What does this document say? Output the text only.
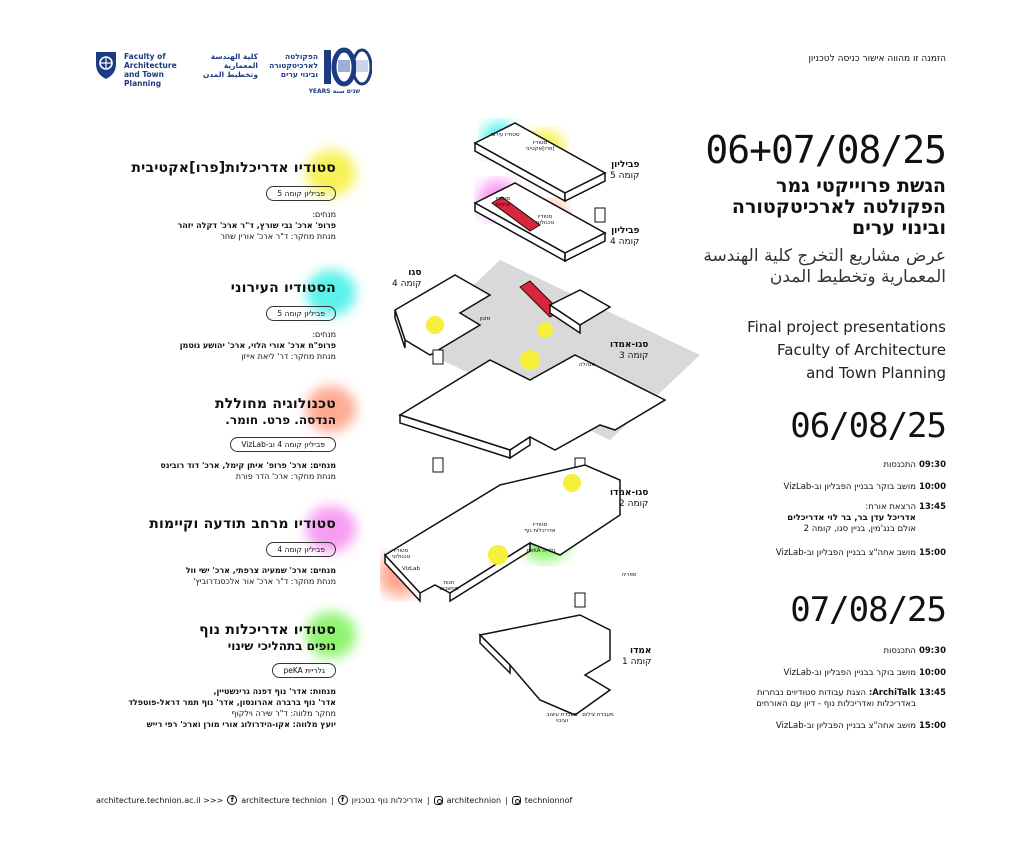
הזמנה זו מהווה אישור כניסה לטכניון
Faculty of Architecture and Town Planning
كلية الهندسة المعمارية وتخطيط المدن
הפקולטה לארכיטקטורה ובינוי ערים
YEARS שנים سنة
06+07/08/25
הגשת פרוייקטי גמר הפקולטה לארכיטקטורה ובינוי ערים
عرض مشاريع التخرج كلية الهندسة المعمارية وتخطيط المدن
Final project presentations
Faculty of Architecture
and Town Planning
06/08/25
09:30
התכנסות
10:00
מושב בוקר בבניין הפבליון וב-VizLab
13:45
הרצאת אורח:
אדריכל עדן בר, בר לוי אדריכלים
אולם בנג'מין, בניין סגו, קומה 2
15:00
מושב אחה"צ בבניין הפבליון וב-VizLab
07/08/25
09:30
התכנסות
10:00
מושב בוקר בבניין הפבליון וב-VizLab
13:45
ArchiTalk: הצגת עבודות סטודיוים נבחרות באדריכלות ואדריכלות נוף - דיון עם האורחים
15:00
מושב אחה"צ בבניין הפבליון וב-VizLab
סטודיו אדריכלות[פרו]אקטיבית
פביליון קומה 5

מנחים:

פרופ' ארכ' גבי שורץ, ד"ר ארכ' דקלה יזהר

מנחת מחקר: ד"ר ארכ' אורין שחר

הסטודיו העירוני
פביליון קומה 5

מנחים:

פרופ"ח ארכ' אורי הלוי, ארכ' יהושע גוטמן

מנחת מחקר: דר' ליאת אייזן

טכנולוגיה מחוללת
הנדסה. פרט. חומר.
פביליון קומה 4 וב-VizLab

מנחים: ארכ' פרופ' איתן קימל, ארכ' דוד רובינס

מנחת מחקר: ארכ' הדר פורת

סטודיו מרחב תודעה וקיימות
פביליון קומה 4

מנחים: ארכ' שמעיה צרפתי, ארכ' ישי וול

מנחת מחקר: ד"ר ארכ' אור אלכסנדרוביץ'

סטודיו אדריכלות נוף
נופים בתהליכי שינוי
גלריית peKA

מנחות: אדר' נוף דפנה גרינשטיין,

אדר' נוף ברברה אהרונסון, אדר' נוף תמר דראל-פוטפלד

מחקר מלווה: ד"ר שירה וילקוף

יועץ מלווה: אקו-הידרולוג אורי מורן וארכ' רפי רייש

פביליון
קומה 5
פביליון
קומה 4
סגו
קומה 4
סגו-אמדו
קומה 3
סגו-אמדו
קומה 2
אמדו
קומה 1
סטודיו עירוני
סטודיו [פרו]אקטיבי
סטודיו קיימות
סטודיו טכנולוגי
מזנון
מנהלה
סטודיו אדריכלות נוף
גלריה peKA
סטודיו טכנולוגי
VizLab
חנות מחשבים
ספריה
מעבדת צילום
מעבדת עיצוב ועיבוי
architecture.technion.ac.il >>>	f architecture technion |	f אדריכלות נוף בטכניון | architechnion | technionnof
